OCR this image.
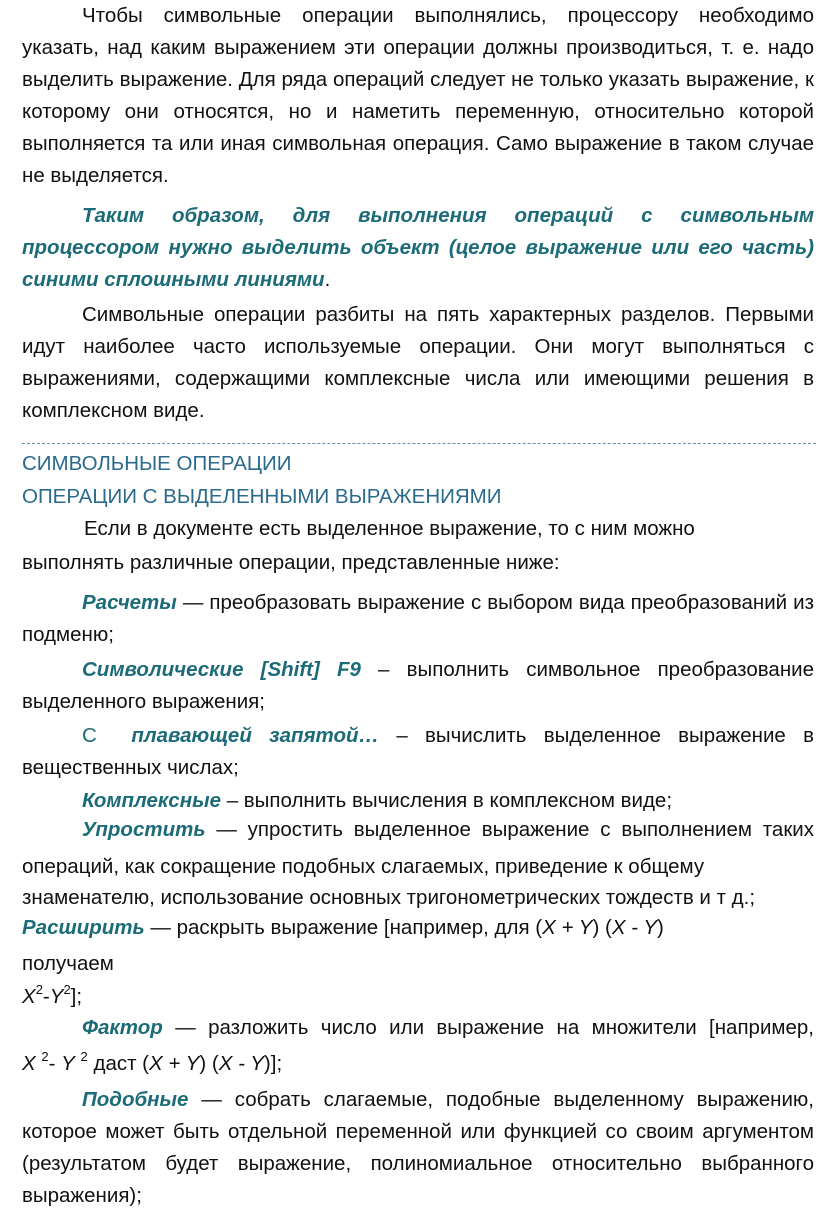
Чтобы символьные операции выполнялись, процессору необходимо указать, над каким выражением эти операции должны производиться, т. е. надо выделить выражение. Для ряда операций следует не только указать выражение, к которому они относятся, но и наметить переменную, относительно которой выполняется та или иная символьная операция. Само выражение в таком случае не выделяется.

Таким образом, для выполнения операций с символьным процессором нужно выделить объект (целое выражение или его часть) синими сплошными линиями.

Символьные операции разбиты на пять характерных разделов. Первыми идут наиболее часто используемые операции. Они могут выполняться с выражениями, содержащими комплексные числа или имеющими решения в комплексном виде.

СИМВОЛЬНЫЕ ОПЕРАЦИИ

ОПЕРАЦИИ С ВЫДЕЛЕННЫМИ ВЫРАЖЕНИЯМИ

Если в документе есть выделенное выражение, то с ним можно

выполнять различные операции, представленные ниже:

Расчеты — преобразовать выражение с выбором вида преобразований из подменю;

Символические [Shift] F9 – выполнить символьное преобразование выделенного выражения;

С плавающей запятой… – вычислить выделенное выражение в вещественных числах;

Комплексные – выполнить вычисления в комплексном виде;

Упростить — упростить выделенное выражение с выполнением таких

операций, как сокращение подобных слагаемых, приведение к общему

знаменателю, использование основных тригонометрических тождеств и т д.;

Расширить — раскрыть выражение [например, для (X + Y) (X - Y)

получаем

$X^2-Y^2$];

Фактор — разложить число или выражение на множители [например,

X $^2$- Y $^2$ даст (X + Y) (X - Y)];

Подобные — собрать слагаемые, подобные выделенному выражению, которое может быть отдельной переменной или функцией со своим аргументом (результатом будет выражение, полиномиальное относительно выбранного выражения);
